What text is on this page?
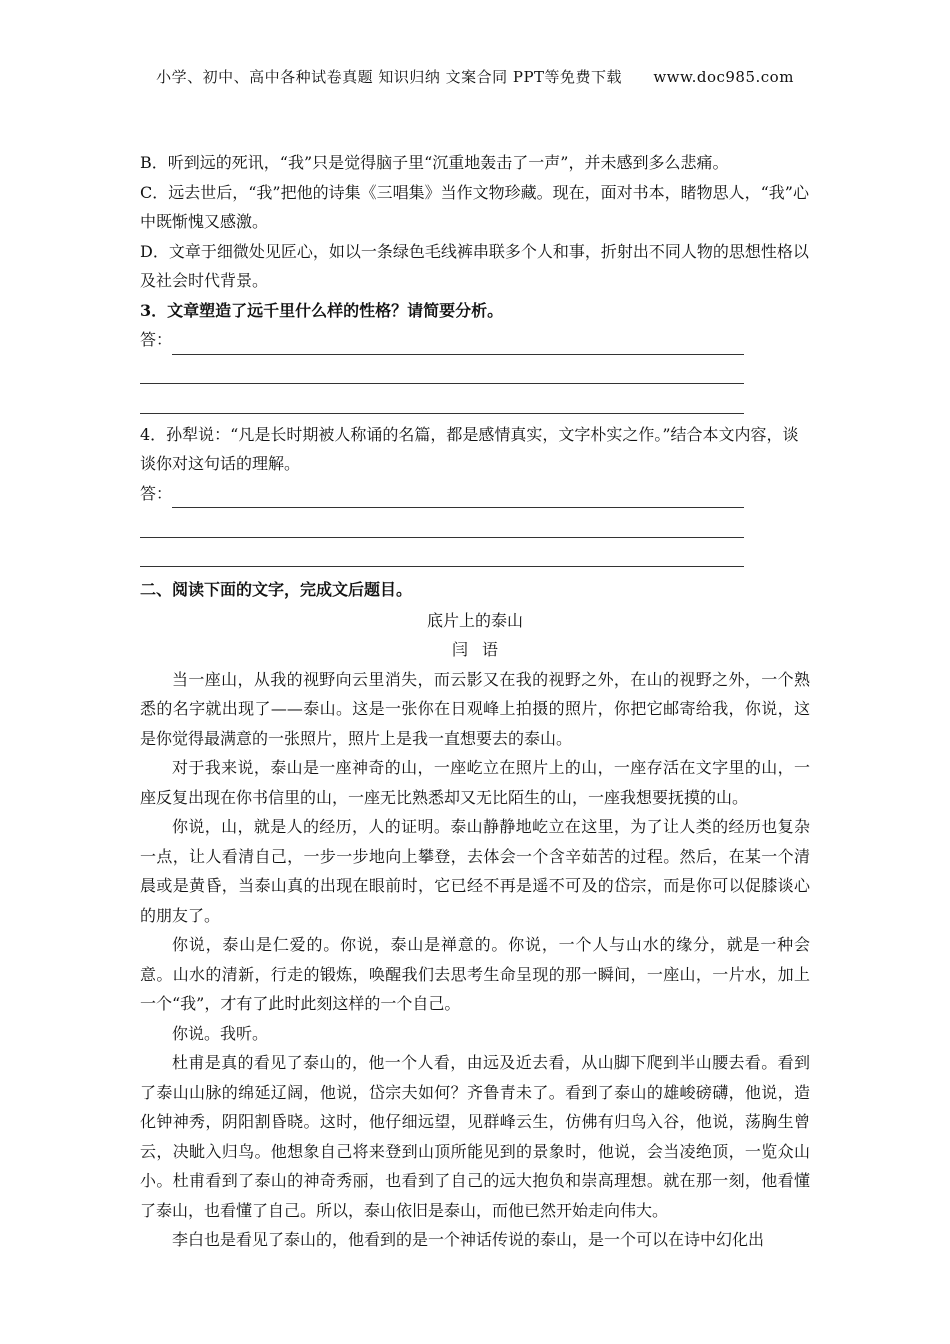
小学、初中、高中各种试卷真题 知识归纳 文案合同 PPT等免费下载 www.doc985.com

B．听到远的死讯，“我”只是觉得脑子里“沉重地轰击了一声”，并未感到多么悲痛。

C．远去世后，“我”把他的诗集《三唱集》当作文物珍藏。现在，面对书本，睹物思人，“我”心中既惭愧又感激。

D．文章于细微处见匠心，如以一条绿色毛线裤串联多个人和事，折射出不同人物的思想性格以及社会时代背景。

3．文章塑造了远千里什么样的性格？请简要分析。

答：

4．孙犁说：“凡是长时期被人称诵的名篇，都是感情真实，文字朴实之作。”结合本文内容，谈谈你对这句话的理解。

答：

二、阅读下面的文字，完成文后题目。

底片上的泰山

闫语

当一座山，从我的视野向云里消失，而云影又在我的视野之外，在山的视野之外，一个熟悉的名字就出现了——泰山。这是一张你在日观峰上拍摄的照片，你把它邮寄给我，你说，这是你觉得最满意的一张照片，照片上是我一直想要去的泰山。

对于我来说，泰山是一座神奇的山，一座屹立在照片上的山，一座存活在文字里的山，一座反复出现在你书信里的山，一座无比熟悉却又无比陌生的山，一座我想要抚摸的山。

你说，山，就是人的经历，人的证明。泰山静静地屹立在这里，为了让人类的经历也复杂一点，让人看清自己，一步一步地向上攀登，去体会一个含辛茹苦的过程。然后，在某一个清晨或是黄昏，当泰山真的出现在眼前时，它已经不再是遥不可及的岱宗，而是你可以促膝谈心的朋友了。

你说，泰山是仁爱的。你说，泰山是禅意的。你说，一个人与山水的缘分，就是一种会意。山水的清新，行走的锻炼，唤醒我们去思考生命呈现的那一瞬间，一座山，一片水，加上一个“我”，才有了此时此刻这样的一个自己。

你说。我听。

杜甫是真的看见了泰山的，他一个人看，由远及近去看，从山脚下爬到半山腰去看。看到了泰山山脉的绵延辽阔，他说，岱宗夫如何？齐鲁青未了。看到了泰山的雄峻磅礴，他说，造化钟神秀，阴阳割昏晓。这时，他仔细远望，见群峰云生，仿佛有归鸟入谷，他说，荡胸生曾云，决眦入归鸟。他想象自己将来登到山顶所能见到的景象时，他说，会当凌绝顶，一览众山小。杜甫看到了泰山的神奇秀丽，也看到了自己的远大抱负和崇高理想。就在那一刻，他看懂了泰山，也看懂了自己。所以，泰山依旧是泰山，而他已然开始走向伟大。

李白也是看见了泰山的，他看到的是一个神话传说的泰山，是一个可以在诗中幻化出
